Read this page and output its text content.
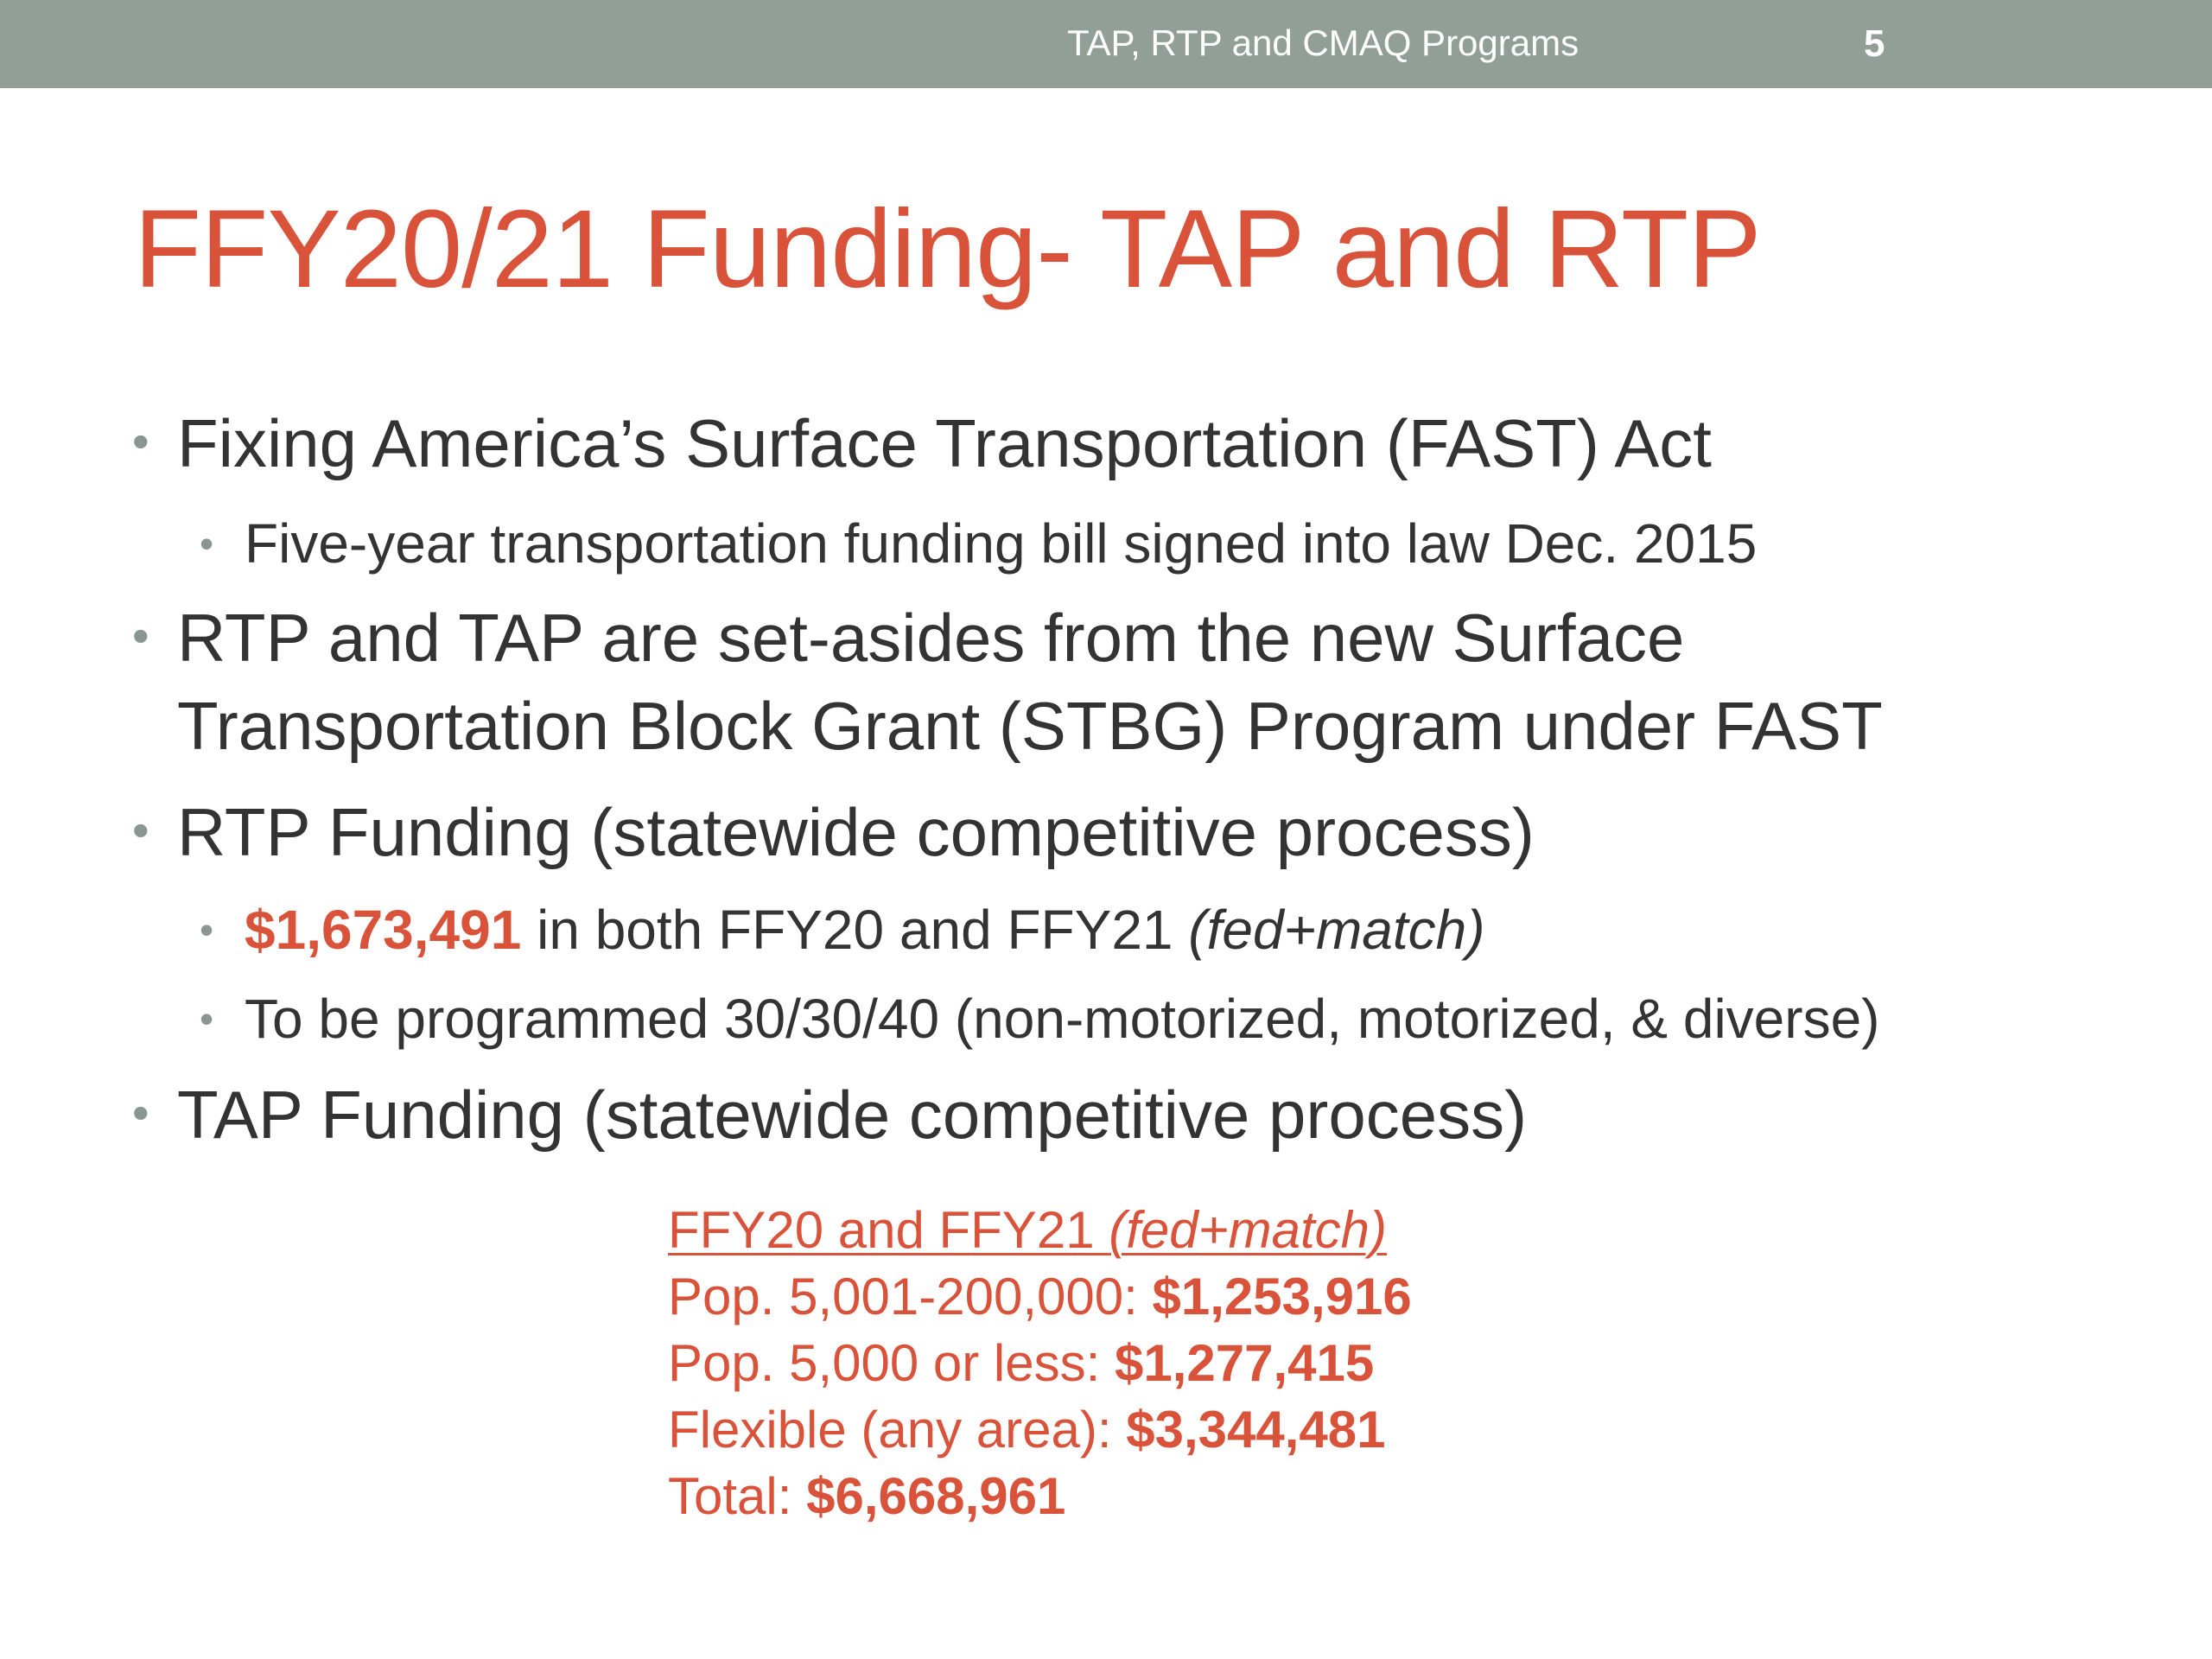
TAP, RTP and CMAQ Programs	5
FFY20/21 Funding- TAP and RTP
• Fixing America’s Surface Transportation (FAST) Act
• Five-year transportation funding bill signed into law Dec. 2015
• RTP and TAP are set-asides from the new Surface
Transportation Block Grant (STBG) Program under FAST
• RTP Funding (statewide competitive process)
• $1,673,491 in both FFY20 and FFY21 (fed+match)
• To be programmed 30/30/40 (non-motorized, motorized, & diverse)
• TAP Funding (statewide competitive process)
FFY20 and FFY21 (fed+match)
Pop. 5,001-200,000: $1,253,916
Pop. 5,000 or less: $1,277,415
Flexible (any area): $3,344,481
Total: $6,668,961
